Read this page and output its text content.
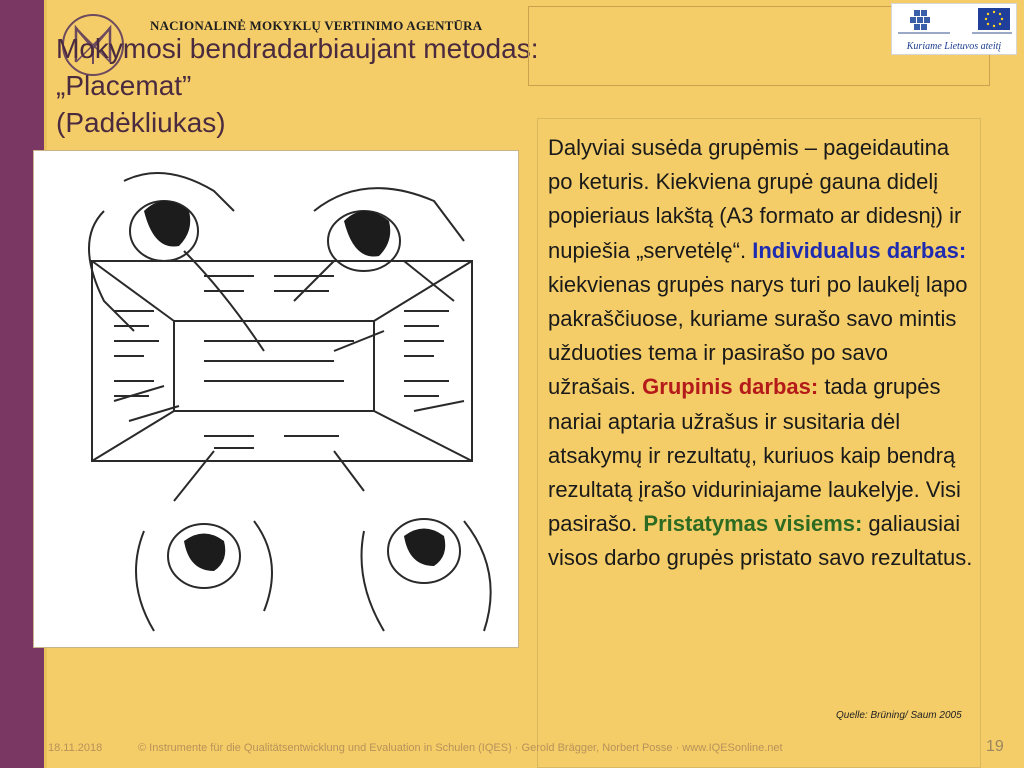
NACIONALINĖ MOKYKLŲ VERTINIMO AGENTŪRA
Mokymosi bendradarbiaujant metodas:
„Placemat”
(Padėkliukas)
Kuriame Lietuvos ateitį
Dalyviai susėda grupėmis – pageidautina po keturis. Kiekviena grupė gauna didelį popieriaus lakštą (A3 formato ar didesnį) ir nupiešia „servetėlę“. Individualus darbas: kiekvienas grupės narys turi po laukelį lapo pakraščiuose, kuriame surašo savo mintis užduoties tema ir pasirašo po savo užrašais. Grupinis darbas: tada grupės nariai aptaria užrašus ir susitaria dėl atsakymų ir rezultatų, kuriuos kaip bendrą rezultatą įrašo viduriniajame laukelyje. Visi pasirašo. Pristatymas visiems: galiausiai visos darbo grupės pristato savo rezultatus.
Quelle: Brüning/ Saum 2005
18.11.2018	© Instrumente für die Qualitätsentwicklung und Evaluation in Schulen (IQES) · Gerold Brägger, Norbert Posse · www.IQESonline.net	19
